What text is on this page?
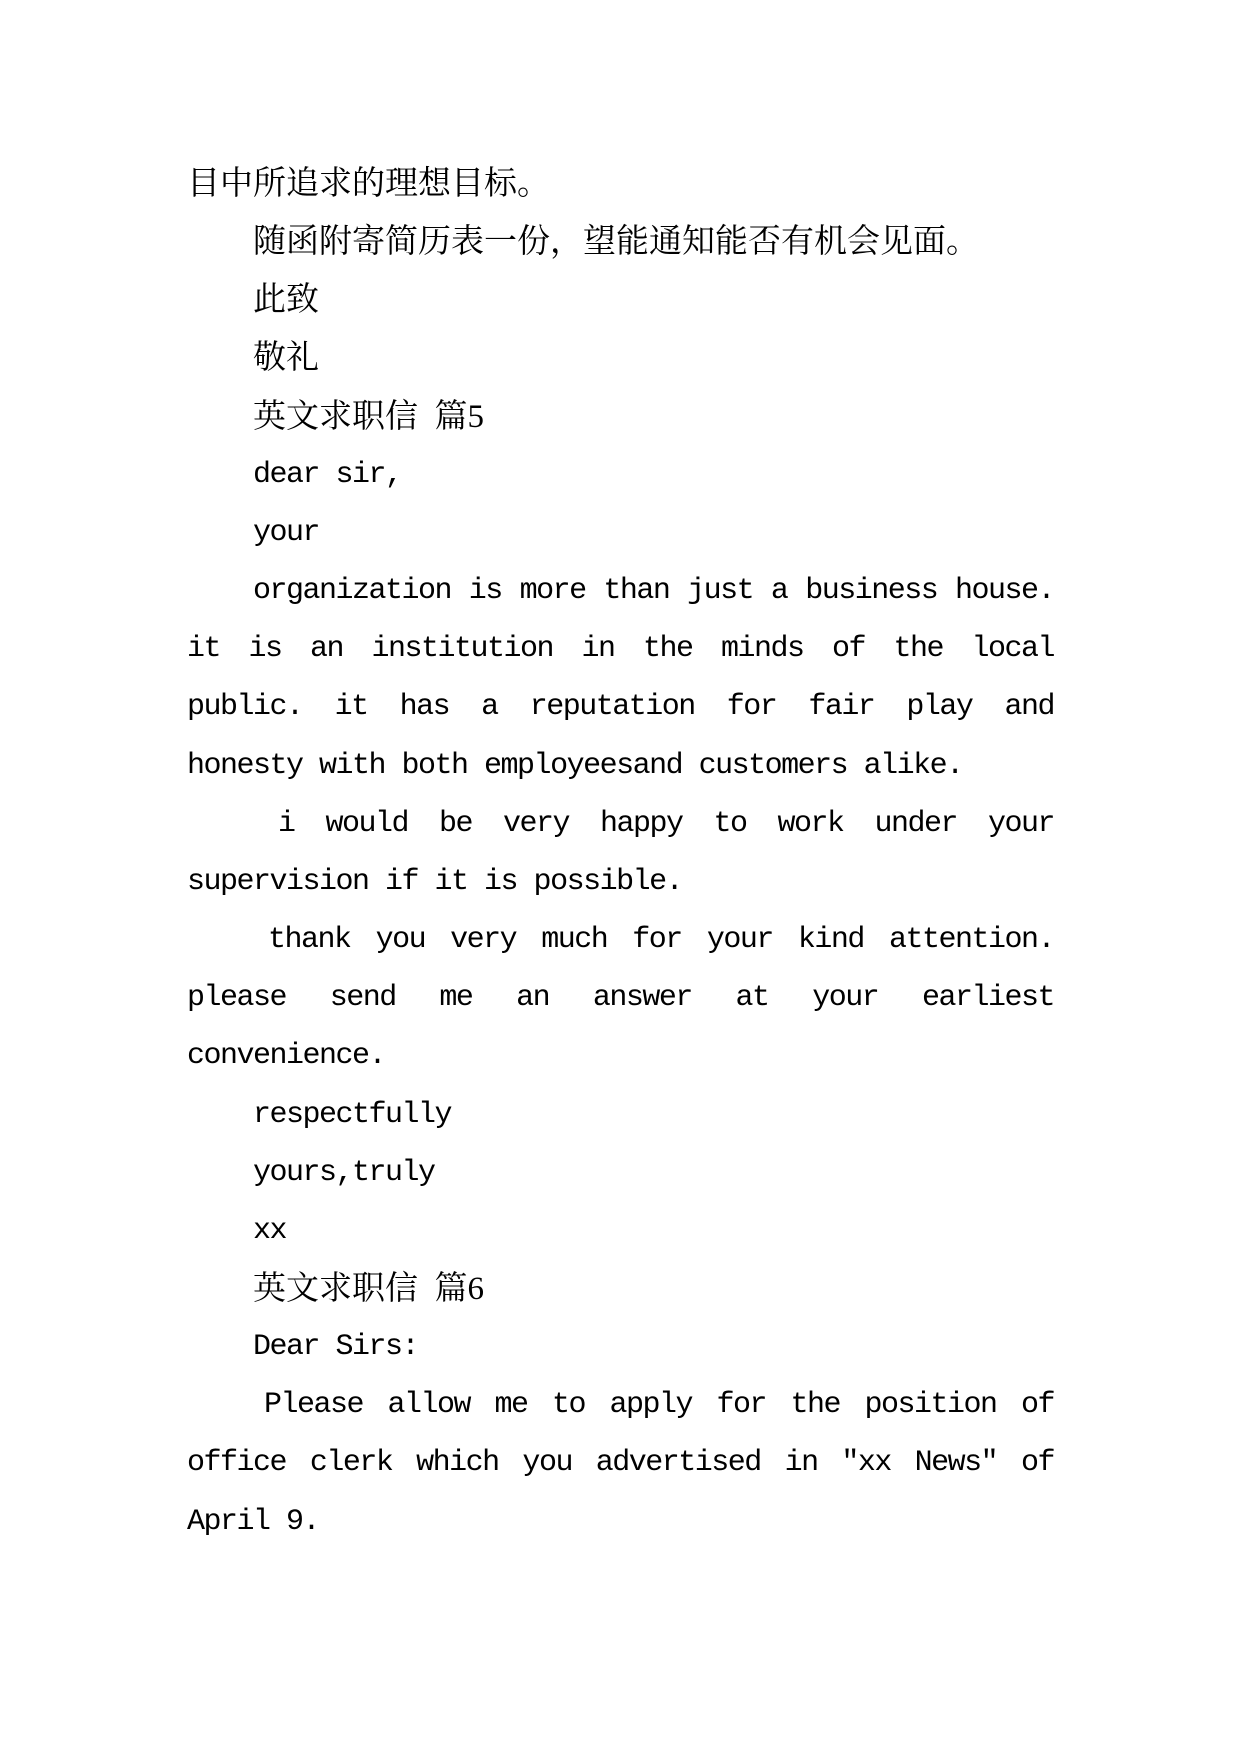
目中所追求的理想目标。
随函附寄简历表一份，望能通知能否有机会见面。
此致
敬礼
英文求职信 篇5
dear sir,
your
organization is more than just a business house.
it is an institution in the minds of the local
public. it has a reputation for fair play and
honesty with both employeesand customers alike.
i would be very happy to work under your
supervision if it is possible.
thank you very much for your kind attention.
please send me an answer at your earliest
convenience.
respectfully
yours,truly
xx
英文求职信 篇6
Dear Sirs:
Please allow me to apply for the position of
office clerk which you advertised in "xx News" of
April 9.
